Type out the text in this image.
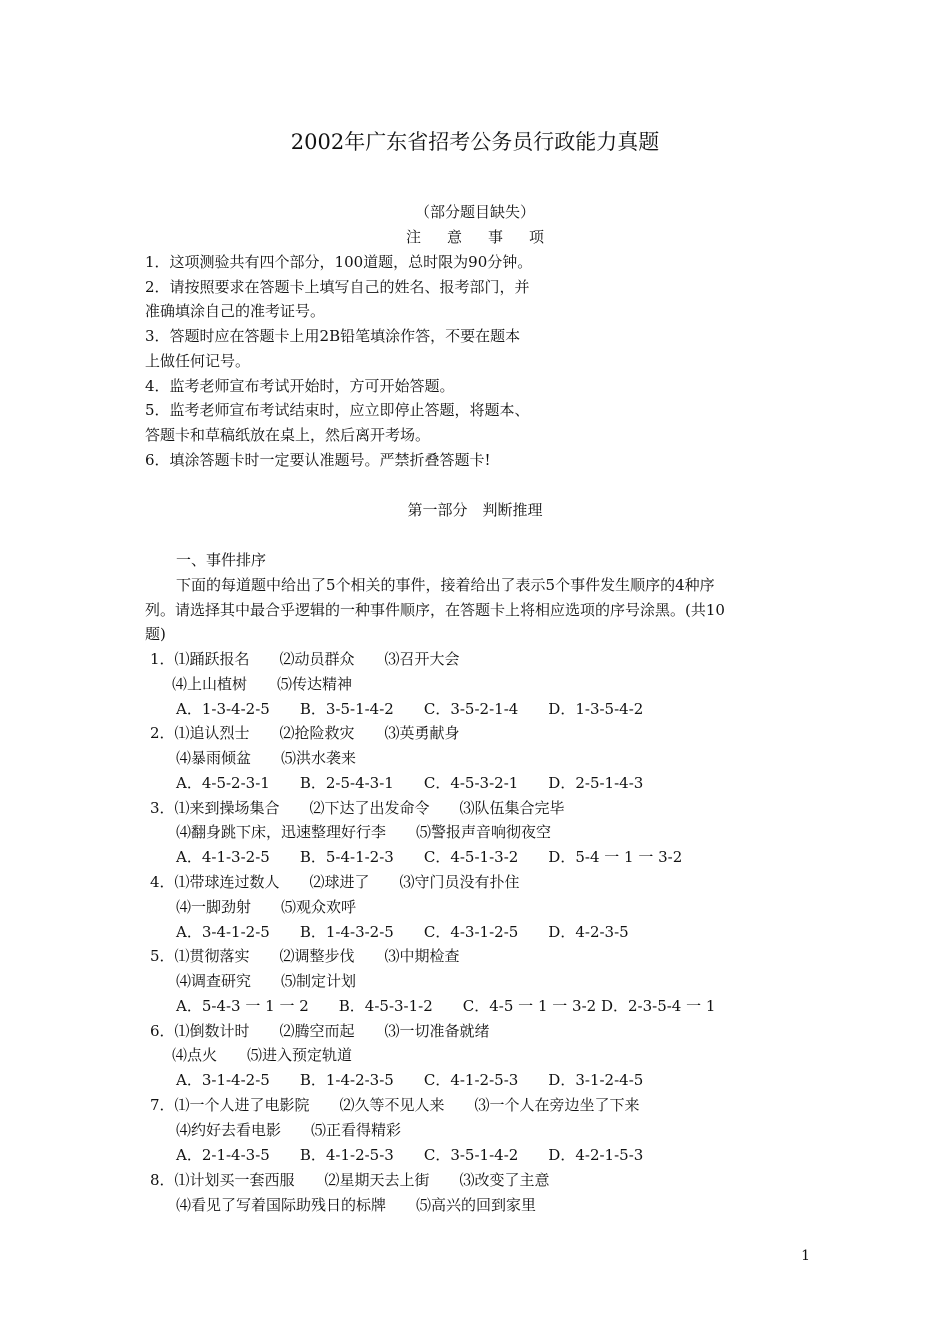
2002年广东省招考公务员行政能力真题
（部分题目缺失）
注 意 事 项
1．这项测验共有四个部分，100道题，总时限为90分钟。
2．请按照要求在答题卡上填写自己的姓名、报考部门，并
准确填涂自己的准考证号。
3．答题时应在答题卡上用2B铅笔填涂作答，不要在题本
上做任何记号。
4．监考老师宣布考试开始时，方可开始答题。
5．监考老师宣布考试结束时，应立即停止答题，将题本、
答题卡和草稿纸放在桌上，然后离开考场。
6．填涂答题卡时一定要认准题号。严禁折叠答题卡!
第一部分　判断推理
一、事件排序
下面的每道题中给出了5个相关的事件，接着给出了表示5个事件发生顺序的4种序
列。请选择其中最合乎逻辑的一种事件顺序，在答题卡上将相应选项的序号涂黑。(共10
题)
1．⑴踊跃报名　　⑵动员群众　　⑶召开大会
⑷上山植树　　⑸传达精神
A．1-3-4-2-5　　B．3-5-1-4-2　　C．3-5-2-1-4　　D．1-3-5-4-2
2．⑴追认烈士　　⑵抢险救灾　　⑶英勇献身
⑷暴雨倾盆　　⑸洪水袭来
A．4-5-2-3-1　　B．2-5-4-3-1　　C．4-5-3-2-1　　D．2-5-1-4-3
3．⑴来到操场集合　　⑵下达了出发命令　　⑶队伍集合完毕
⑷翻身跳下床，迅速整理好行李　　⑸警报声音响彻夜空
A．4-1-3-2-5　　B．5-4-1-2-3　　C．4-5-1-3-2　　D．5-4 一 1 一 3-2
4．⑴带球连过数人　　⑵球进了　　⑶守门员没有扑住
⑷一脚劲射　　⑸观众欢呼
A．3-4-1-2-5　　B．1-4-3-2-5　　C．4-3-1-2-5　　D．4-2-3-5
5．⑴贯彻落实　　⑵调整步伐　　⑶中期检查
⑷调查研究　　⑸制定计划
A．5-4-3 一 1 一 2　　B．4-5-3-1-2　　C．4-5 一 1 一 3-2 D．2-3-5-4 一 1
6．⑴倒数计时　　⑵腾空而起　　⑶一切准备就绪
⑷点火　　⑸进入预定轨道
A．3-1-4-2-5　　B．1-4-2-3-5　　C．4-1-2-5-3　　D．3-1-2-4-5
7．⑴一个人进了电影院　　⑵久等不见人来　　⑶一个人在旁边坐了下来
⑷约好去看电影　　⑸正看得精彩
A．2-1-4-3-5　　B．4-1-2-5-3　　C．3-5-1-4-2　　D．4-2-1-5-3
8．⑴计划买一套西服　　⑵星期天去上街　　⑶改变了主意
⑷看见了写着国际助残日的标牌　　⑸高兴的回到家里
1
